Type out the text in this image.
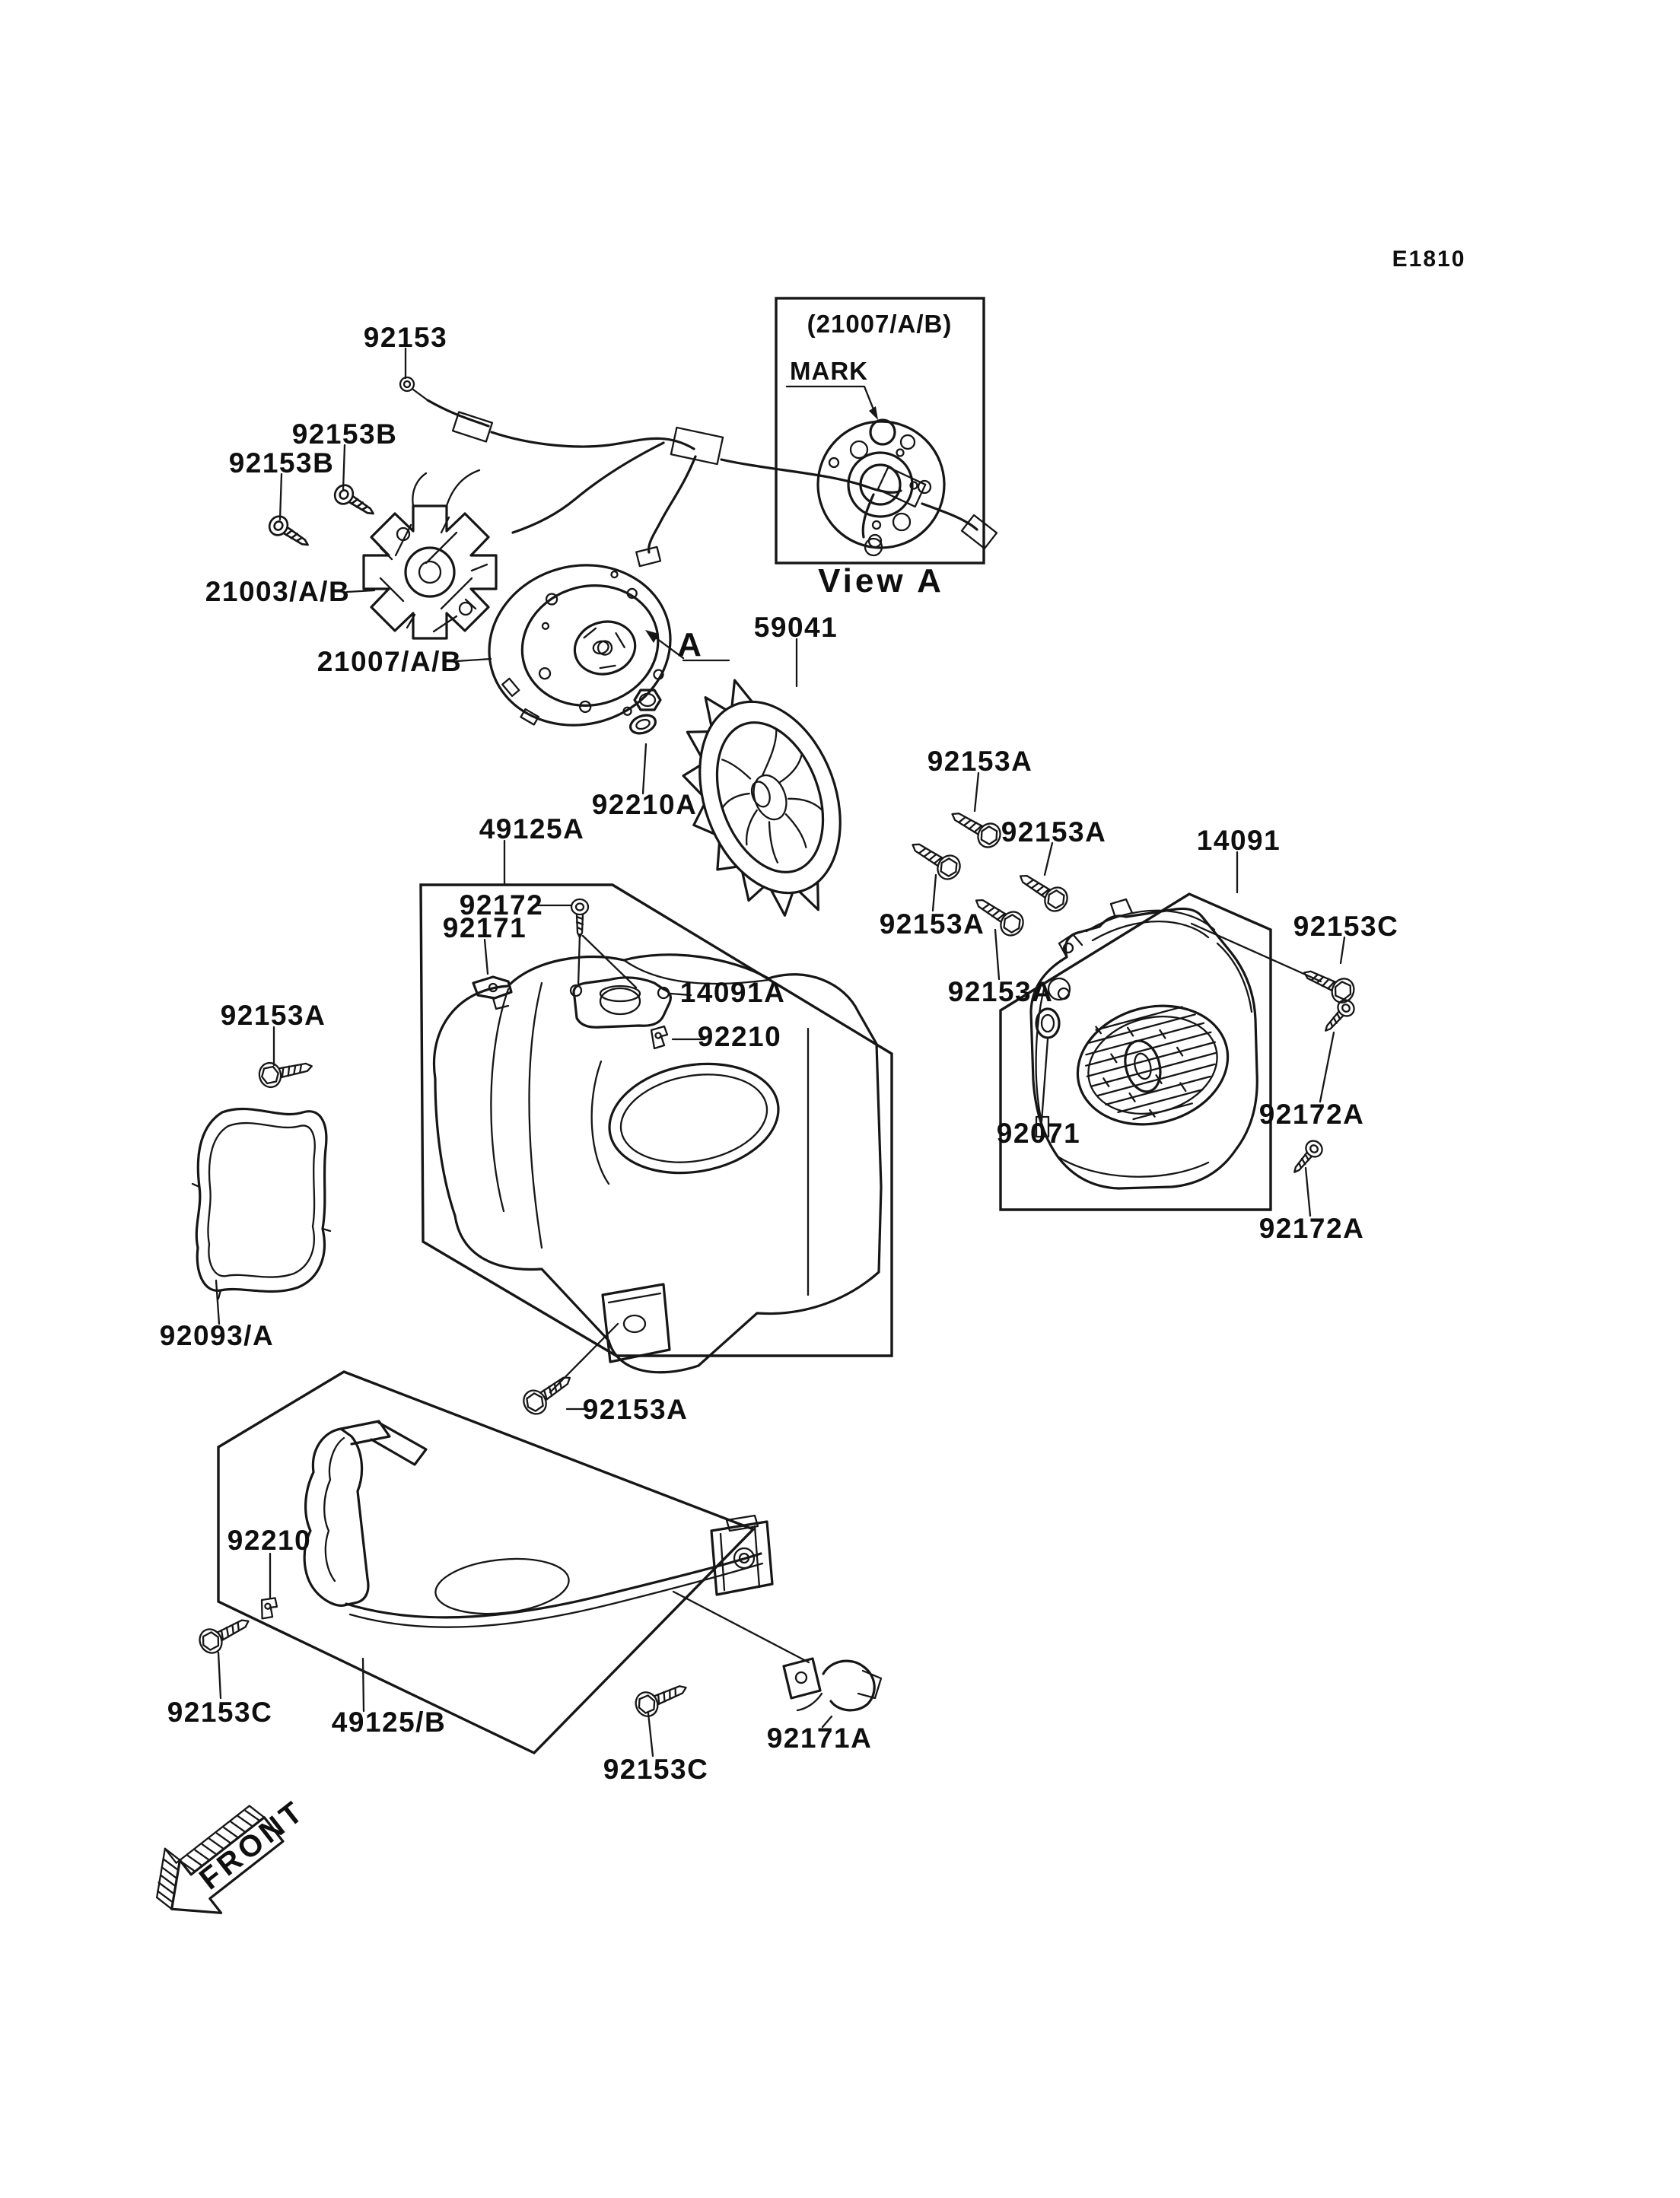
E1810
(21007/A/B)
MARK
View A
A
92153
92153B
92153B
21003/A/B
21007/A/B
59041
92210A
92153A
92153A
92153A
92153A
14091
92153C
92172A
92172A
92071
49125A
92172
92171
14091A
92210
92153A
92093/A
92153A
92210
92153C 49125/B
92171A
92153C
FRONT
